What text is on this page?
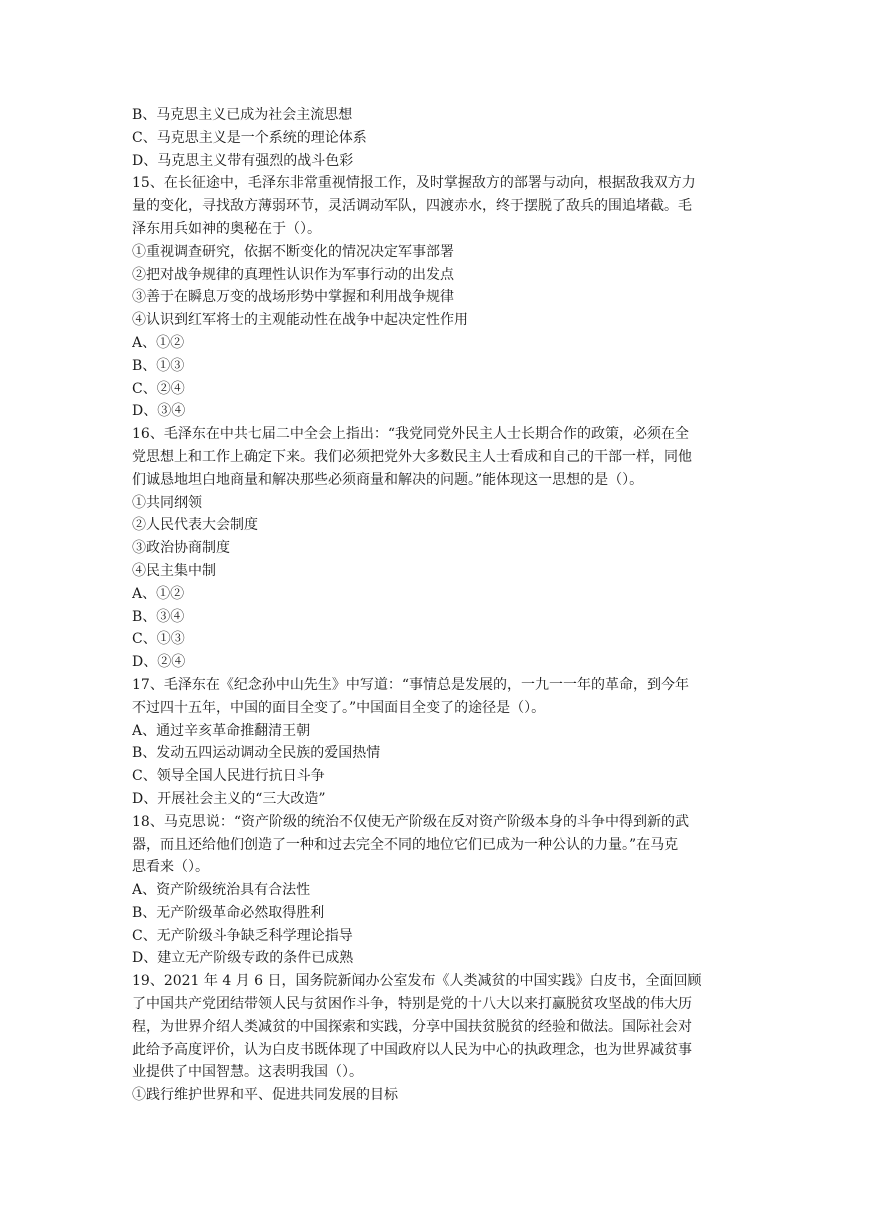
B、马克思主义已成为社会主流思想
C、马克思主义是一个系统的理论体系
D、马克思主义带有强烈的战斗色彩
15、在长征途中，毛泽东非常重视情报工作，及时掌握敌方的部署与动向，根据敌我双方力
量的变化，寻找敌方薄弱环节，灵活调动军队，四渡赤水，终于摆脱了敌兵的围追堵截。毛
泽东用兵如神的奥秘在于（）。
①重视调查研究，依据不断变化的情况决定军事部署
②把对战争规律的真理性认识作为军事行动的出发点
③善于在瞬息万变的战场形势中掌握和利用战争规律
④认识到红军将士的主观能动性在战争中起决定性作用
A、①②
B、①③
C、②④
D、③④
16、毛泽东在中共七届二中全会上指出：“我党同党外民主人士长期合作的政策，必须在全
党思想上和工作上确定下来。我们必须把党外大多数民主人士看成和自己的干部一样，同他
们诚恳地坦白地商量和解决那些必须商量和解决的问题。”能体现这一思想的是（）。
①共同纲领
②人民代表大会制度
③政治协商制度
④民主集中制
A、①②
B、③④
C、①③
D、②④
17、毛泽东在《纪念孙中山先生》中写道：“事情总是发展的，一九一一年的革命，到今年
不过四十五年，中国的面目全变了。”中国面目全变了的途径是（）。
A、通过辛亥革命推翻清王朝
B、发动五四运动调动全民族的爱国热情
C、领导全国人民进行抗日斗争
D、开展社会主义的“三大改造”
18、马克思说：“资产阶级的统治不仅使无产阶级在反对资产阶级本身的斗争中得到新的武
器，而且还给他们创造了一种和过去完全不同的地位它们已成为一种公认的力量。”在马克
思看来（）。
A、资产阶级统治具有合法性
B、无产阶级革命必然取得胜利
C、无产阶级斗争缺乏科学理论指导
D、建立无产阶级专政的条件已成熟
19、2021 年 4 月 6 日，国务院新闻办公室发布《人类减贫的中国实践》白皮书，全面回顾
了中国共产党团结带领人民与贫困作斗争，特别是党的十八大以来打赢脱贫攻坚战的伟大历
程，为世界介绍人类减贫的中国探索和实践，分享中国扶贫脱贫的经验和做法。国际社会对
此给予高度评价，认为白皮书既体现了中国政府以人民为中心的执政理念，也为世界减贫事
业提供了中国智慧。这表明我国（）。
①践行维护世界和平、促进共同发展的目标
